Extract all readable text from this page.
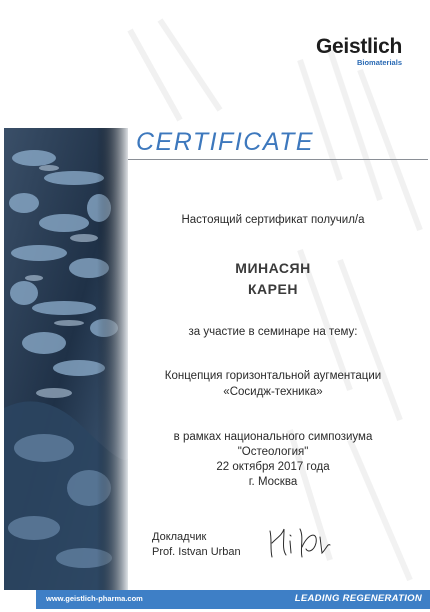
Geistlich
Biomaterials
CERTIFICATE
Настоящий сертификат получил/а
МИНАСЯН
КАРЕН
за участие в семинаре на тему:
Концепция горизонтальной аугментации
«Сосидж-техника»
в рамках национального симпозиума
"Остеология"
22 октября 2017 года
г. Москва
Докладчик
Prof. Istvan Urban
www.geistlich-pharma.com	LEADING REGENERATION
